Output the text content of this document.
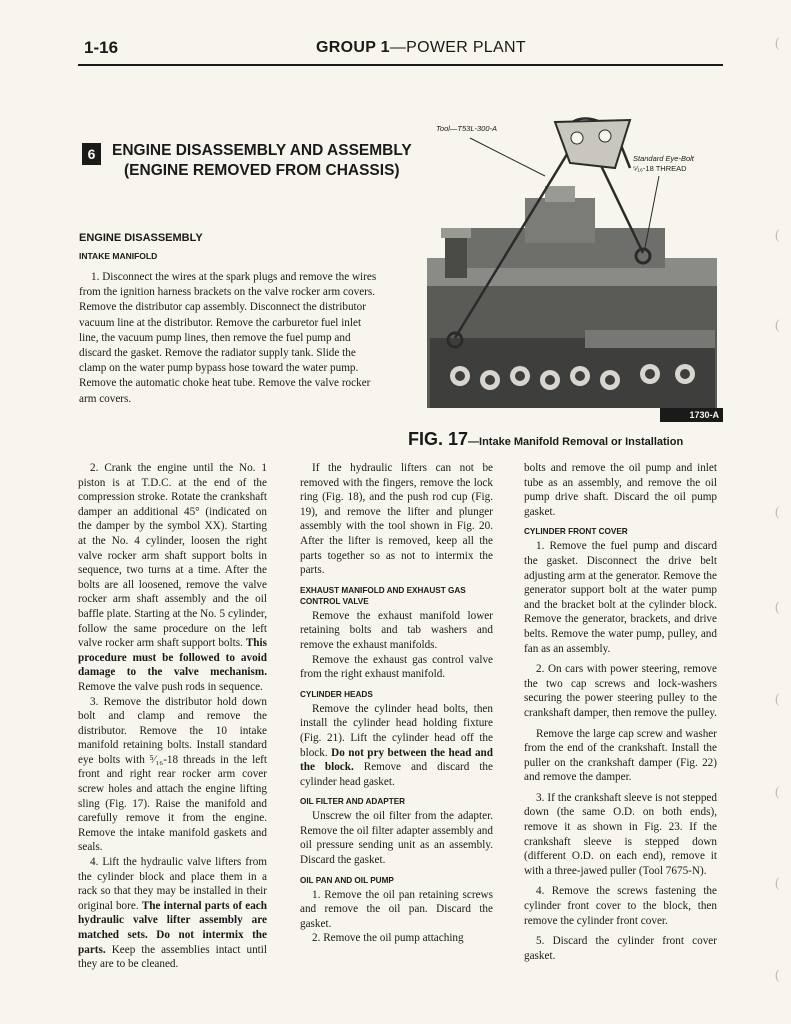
1-16	GROUP 1—POWER PLANT
6	ENGINE DISASSEMBLY AND ASSEMBLY
(ENGINE REMOVED FROM CHASSIS)
ENGINE DISASSEMBLY
INTAKE MANIFOLD

1. Disconnect the wires at the spark plugs and remove the wires from the ignition harness brackets on the valve rocker arm covers. Remove the distributor cap assembly. Disconnect the distributor vacuum line at the distributor. Remove the carburetor fuel inlet line, the vacuum pump lines, then remove the fuel pump and discard the gasket. Remove the radiator supply tank. Slide the clamp on the water pump bypass hose toward the water pump. Remove the automatic choke heat tube. Remove the valve rocker arm covers.

Tool—T53L-300-A
Standard Eye-Bolt
⁵⁄₁₆-18 THREAD
1730-A
FIG. 17—Intake Manifold Removal or Installation

2. Crank the engine until the No. 1 piston is at T.D.C. at the end of the compression stroke. Rotate the crankshaft damper an additional 45° (indicated on the damper by the symbol XX). Starting at the No. 4 cylinder, loosen the right valve rocker arm shaft support bolts in sequence, two turns at a time. After the bolts are all loosened, remove the valve rocker arm shaft assembly and the oil baffle plate. Starting at the No. 5 cylinder, follow the same procedure on the left valve rocker arm shaft support bolts. This procedure must be followed to avoid damage to the valve mechanism. Remove the valve push rods in sequence.

3. Remove the distributor hold down bolt and clamp and remove the distributor. Remove the 10 intake manifold retaining bolts. Install standard eye bolts with ⁵⁄₁₆-18 threads in the left front and right rear rocker arm cover screw holes and attach the engine lifting sling (Fig. 17). Raise the manifold and carefully remove it from the engine. Remove the intake manifold gaskets and seals.

4. Lift the hydraulic valve lifters from the cylinder block and place them in a rack so that they may be installed in their original bore. The internal parts of each hydraulic valve lifter assembly are matched sets. Do not intermix the parts. Keep the assemblies intact until they are to be cleaned.

If the hydraulic lifters can not be removed with the fingers, remove the lock ring (Fig. 18), and the push rod cup (Fig. 19), and remove the lifter and plunger assembly with the tool shown in Fig. 20. After the lifter is removed, keep all the parts together so as not to intermix the parts.

EXHAUST MANIFOLD AND EXHAUST GAS CONTROL VALVE

Remove the exhaust manifold lower retaining bolts and tab washers and remove the exhaust manifolds.

Remove the exhaust gas control valve from the right exhaust manifold.

CYLINDER HEADS

Remove the cylinder head bolts, then install the cylinder head holding fixture (Fig. 21). Lift the cylinder head off the block. Do not pry between the head and the block. Remove and discard the cylinder head gasket.

OIL FILTER AND ADAPTER

Unscrew the oil filter from the adapter. Remove the oil filter adapter assembly and oil pressure sending unit as an assembly. Discard the gasket.

OIL PAN AND OIL PUMP

1. Remove the oil pan retaining screws and remove the oil pan. Discard the gasket.

2. Remove the oil pump attaching

bolts and remove the oil pump and inlet tube as an assembly, and remove the oil pump drive shaft. Discard the oil pump gasket.

CYLINDER FRONT COVER

1. Remove the fuel pump and discard the gasket. Disconnect the drive belt adjusting arm at the generator. Remove the generator support bolt at the water pump and the bracket bolt at the cylinder block. Remove the generator, brackets, and drive belts. Remove the water pump, pulley, and fan as an assembly.

2. On cars with power steering, remove the two cap screws and lock-washers securing the power steering pulley to the crankshaft damper, then remove the pulley.

Remove the large cap screw and washer from the end of the crankshaft. Install the puller on the crankshaft damper (Fig. 22) and remove the damper.

3. If the crankshaft sleeve is not stepped down (the same O.D. on both ends), remove it as shown in Fig. 23. If the crankshaft sleeve is stepped down (different O.D. on each end), remove it with a three-jawed puller (Tool 7675-N).

4. Remove the screws fastening the cylinder front cover to the block, then remove the cylinder front cover.

5. Discard the cylinder front cover gasket.

(
(
(
(
(
(
(
(
(
